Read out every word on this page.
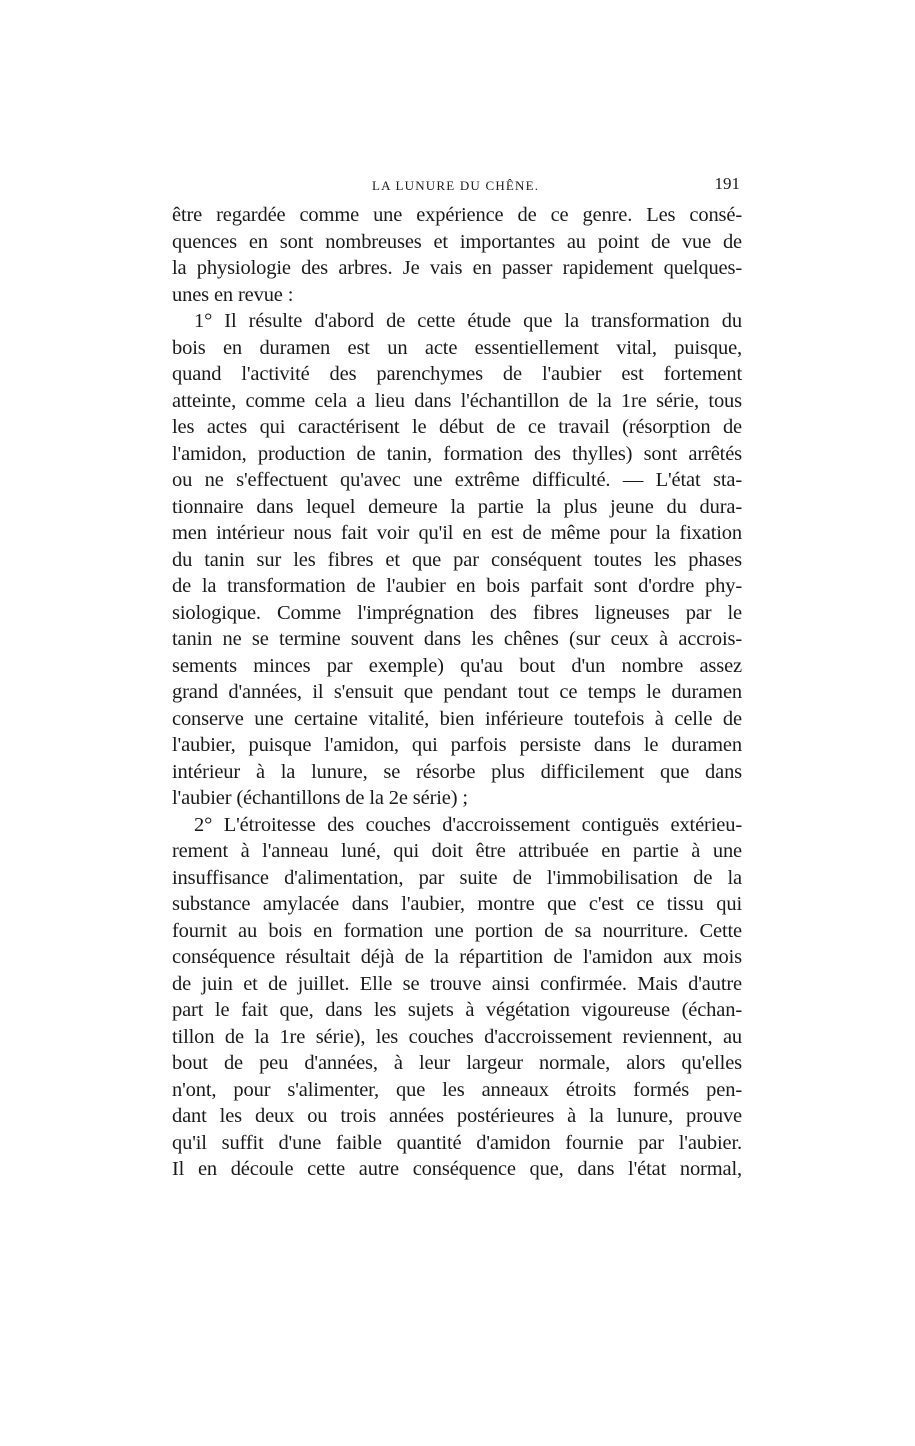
LA LUNURE DU CHÊNE.	191

être regardée comme une expérience de ce genre. Les consé-
quences en sont nombreuses et importantes au point de vue de
la physiologie des arbres. Je vais en passer rapidement quelques-
unes en revue :

1° Il résulte d'abord de cette étude que la transformation du
bois en duramen est un acte essentiellement vital, puisque,
quand l'activité des parenchymes de l'aubier est fortement
atteinte, comme cela a lieu dans l'échantillon de la 1re série, tous
les actes qui caractérisent le début de ce travail (résorption de
l'amidon, production de tanin, formation des thylles) sont arrêtés
ou ne s'effectuent qu'avec une extrême difficulté. — L'état sta-
tionnaire dans lequel demeure la partie la plus jeune du dura-
men intérieur nous fait voir qu'il en est de même pour la fixation
du tanin sur les fibres et que par conséquent toutes les phases
de la transformation de l'aubier en bois parfait sont d'ordre phy-
siologique. Comme l'imprégnation des fibres ligneuses par le
tanin ne se termine souvent dans les chênes (sur ceux à accrois-
sements minces par exemple) qu'au bout d'un nombre assez
grand d'années, il s'ensuit que pendant tout ce temps le duramen
conserve une certaine vitalité, bien inférieure toutefois à celle de
l'aubier, puisque l'amidon, qui parfois persiste dans le duramen
intérieur à la lunure, se résorbe plus difficilement que dans
l'aubier (échantillons de la 2e série) ;

2° L'étroitesse des couches d'accroissement contiguës extérieu-
rement à l'anneau luné, qui doit être attribuée en partie à une
insuffisance d'alimentation, par suite de l'immobilisation de la
substance amylacée dans l'aubier, montre que c'est ce tissu qui
fournit au bois en formation une portion de sa nourriture. Cette
conséquence résultait déjà de la répartition de l'amidon aux mois
de juin et de juillet. Elle se trouve ainsi confirmée. Mais d'autre
part le fait que, dans les sujets à végétation vigoureuse (échan-
tillon de la 1re série), les couches d'accroissement reviennent, au
bout de peu d'années, à leur largeur normale, alors qu'elles
n'ont, pour s'alimenter, que les anneaux étroits formés pen-
dant les deux ou trois années postérieures à la lunure, prouve
qu'il suffit d'une faible quantité d'amidon fournie par l'aubier.
Il en découle cette autre conséquence que, dans l'état normal,
